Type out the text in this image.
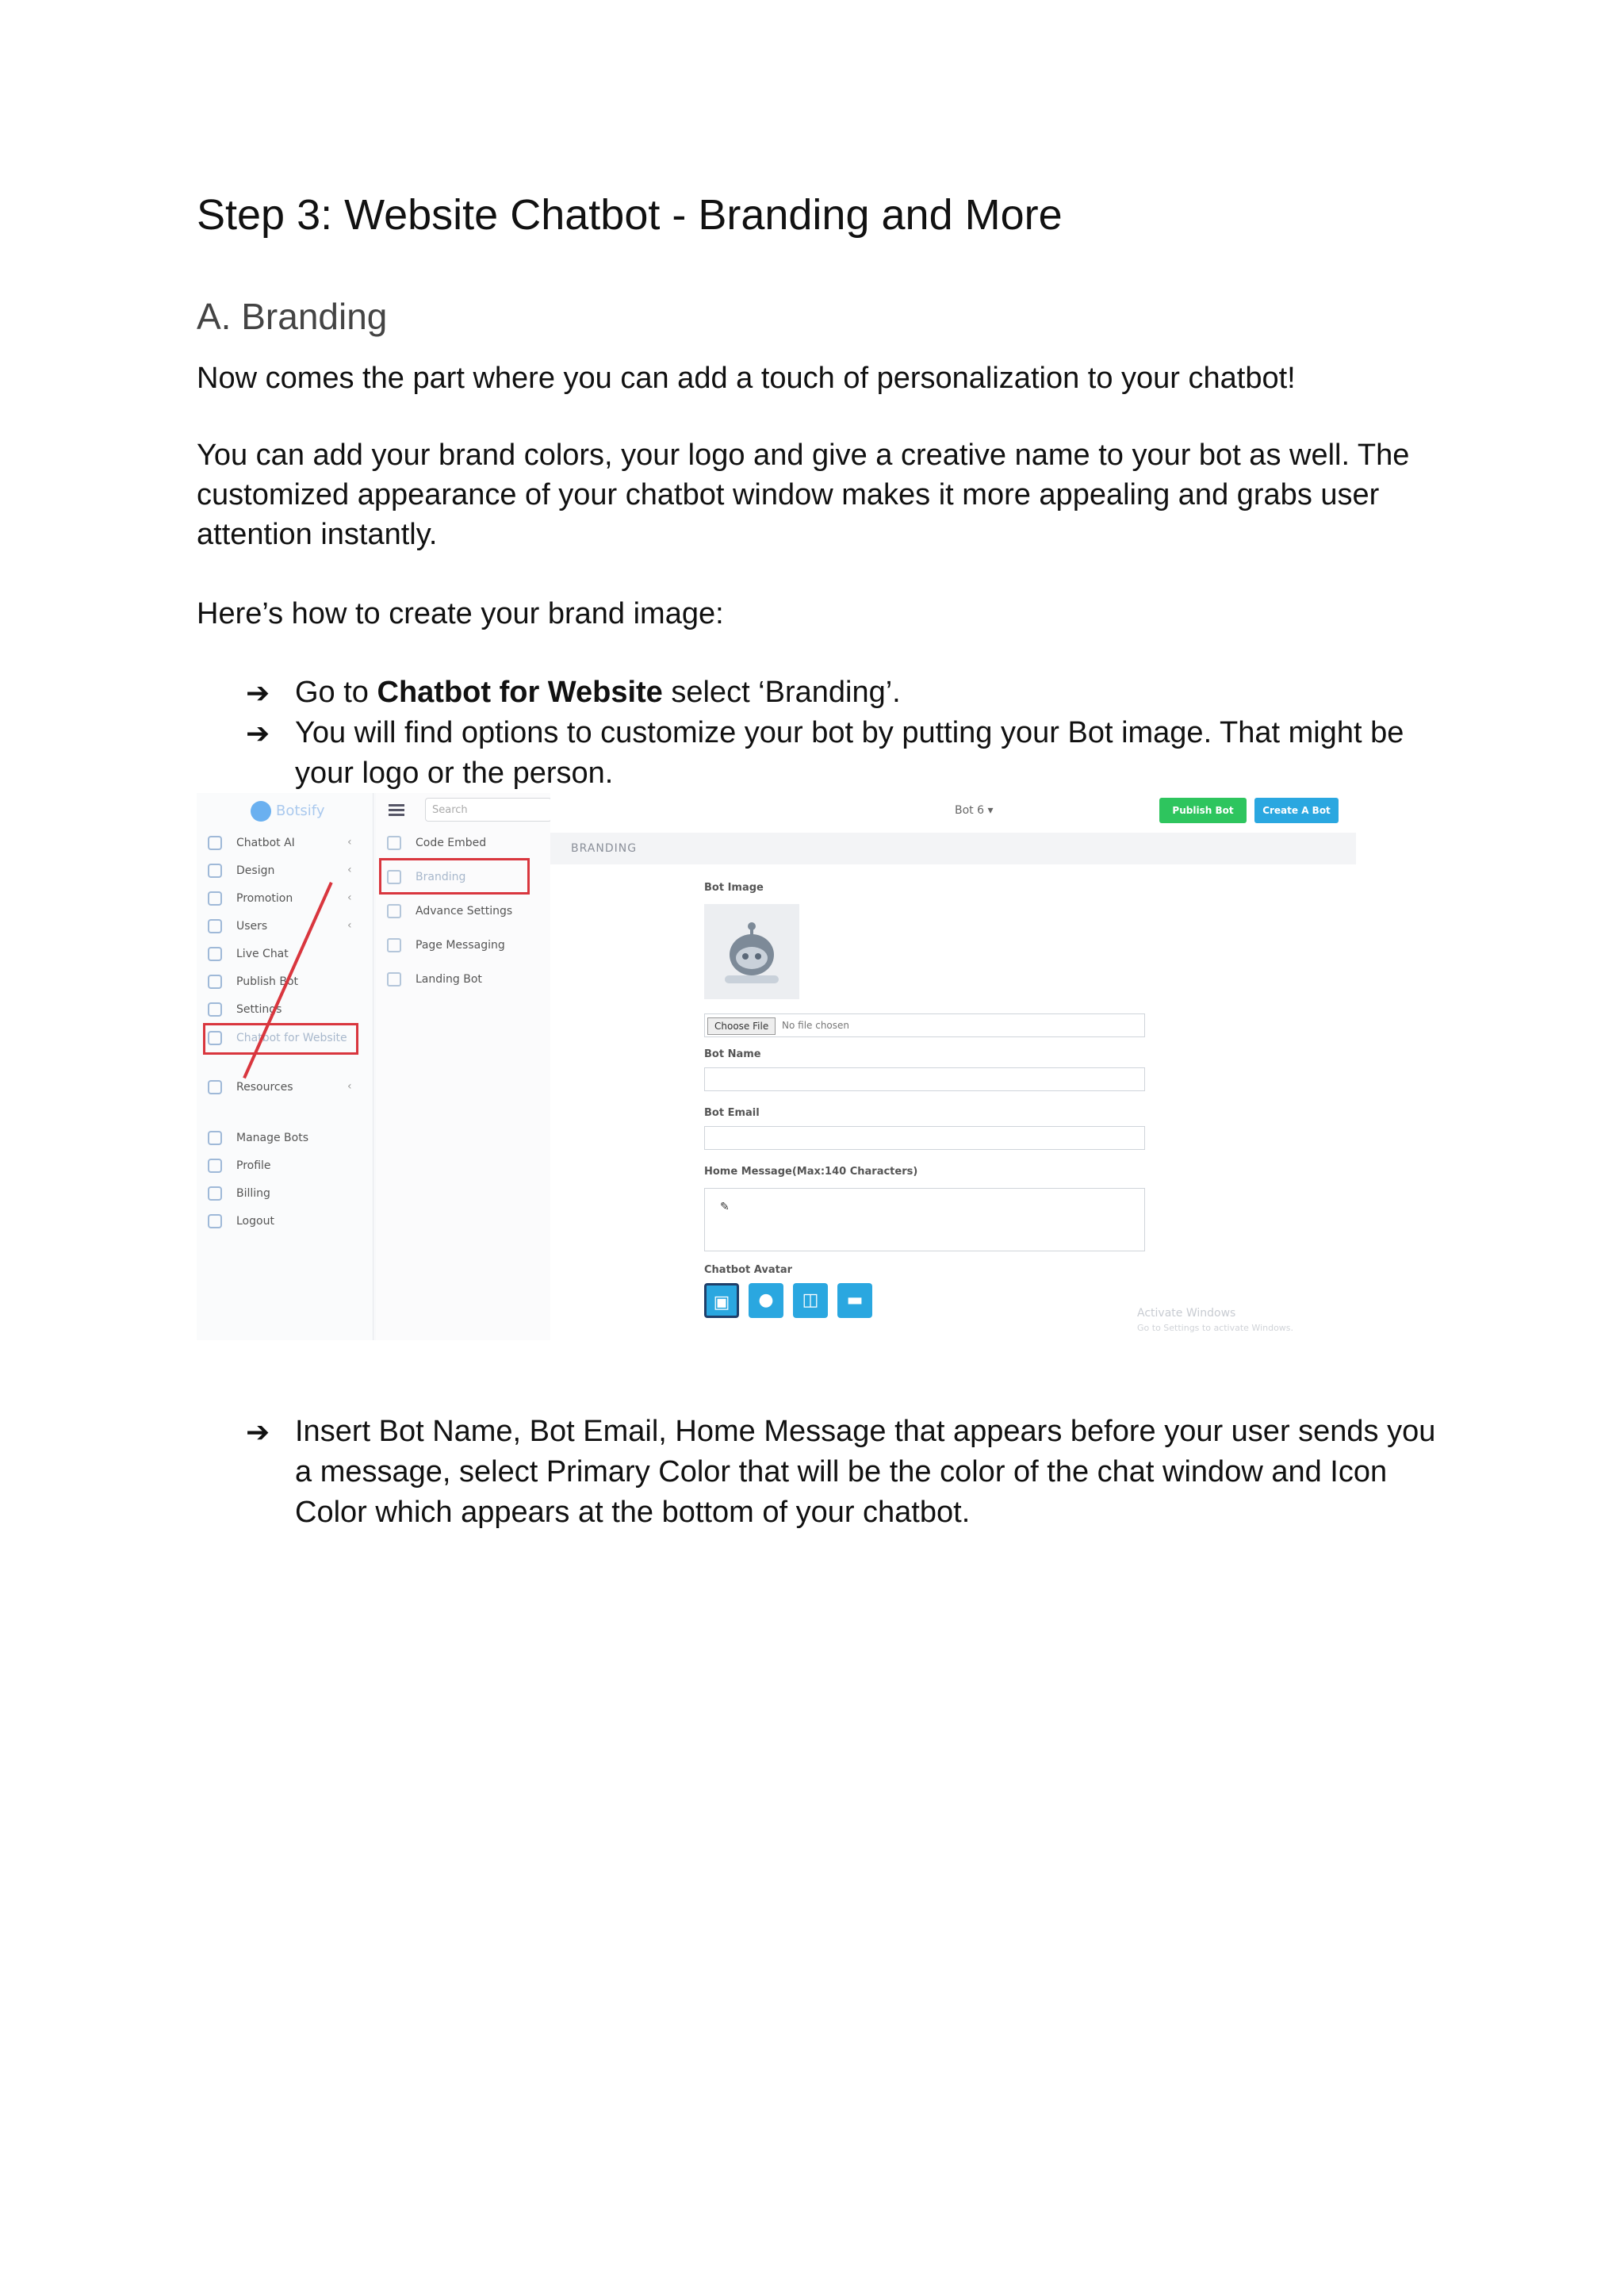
Step 3: Website Chatbot - Branding and More
A. Branding

Now comes the part where you can add a touch of personalization to your chatbot!

You can add your brand colors, your logo and give a creative name to your bot as well. The customized appearance of your chatbot window makes it more appealing and grabs user attention instantly.

Here’s how to create your brand image:

➔ Go to Chatbot for Website select ‘Branding’.
➔ You will find options to customize your bot by putting your Bot image. That might be your logo or the person.
Botsify
Chatbot AI	‹
Design	‹
Promotion	‹
Users	‹
Live Chat
Publish Bot
Settings
Chatbot for Website
Resources	‹
Manage Bots
Profile
Billing
Logout
Search
Code Embed
Branding
Advance Settings
Page Messaging
Landing Bot
Bot 6 ▾	Publish Bot	Create A Bot
BRANDING
Bot Image
Choose File	No file chosen
Bot Name
Bot Email
Home Message(Max:140 Characters)
✎
Chatbot Avatar
▣	●	◫	▬
Activate Windows
Go to Settings to activate Windows.
➔ Insert Bot Name, Bot Email, Home Message that appears before your user sends you a message, select Primary Color that will be the color of the chat window and Icon Color which appears at the bottom of your chatbot.
